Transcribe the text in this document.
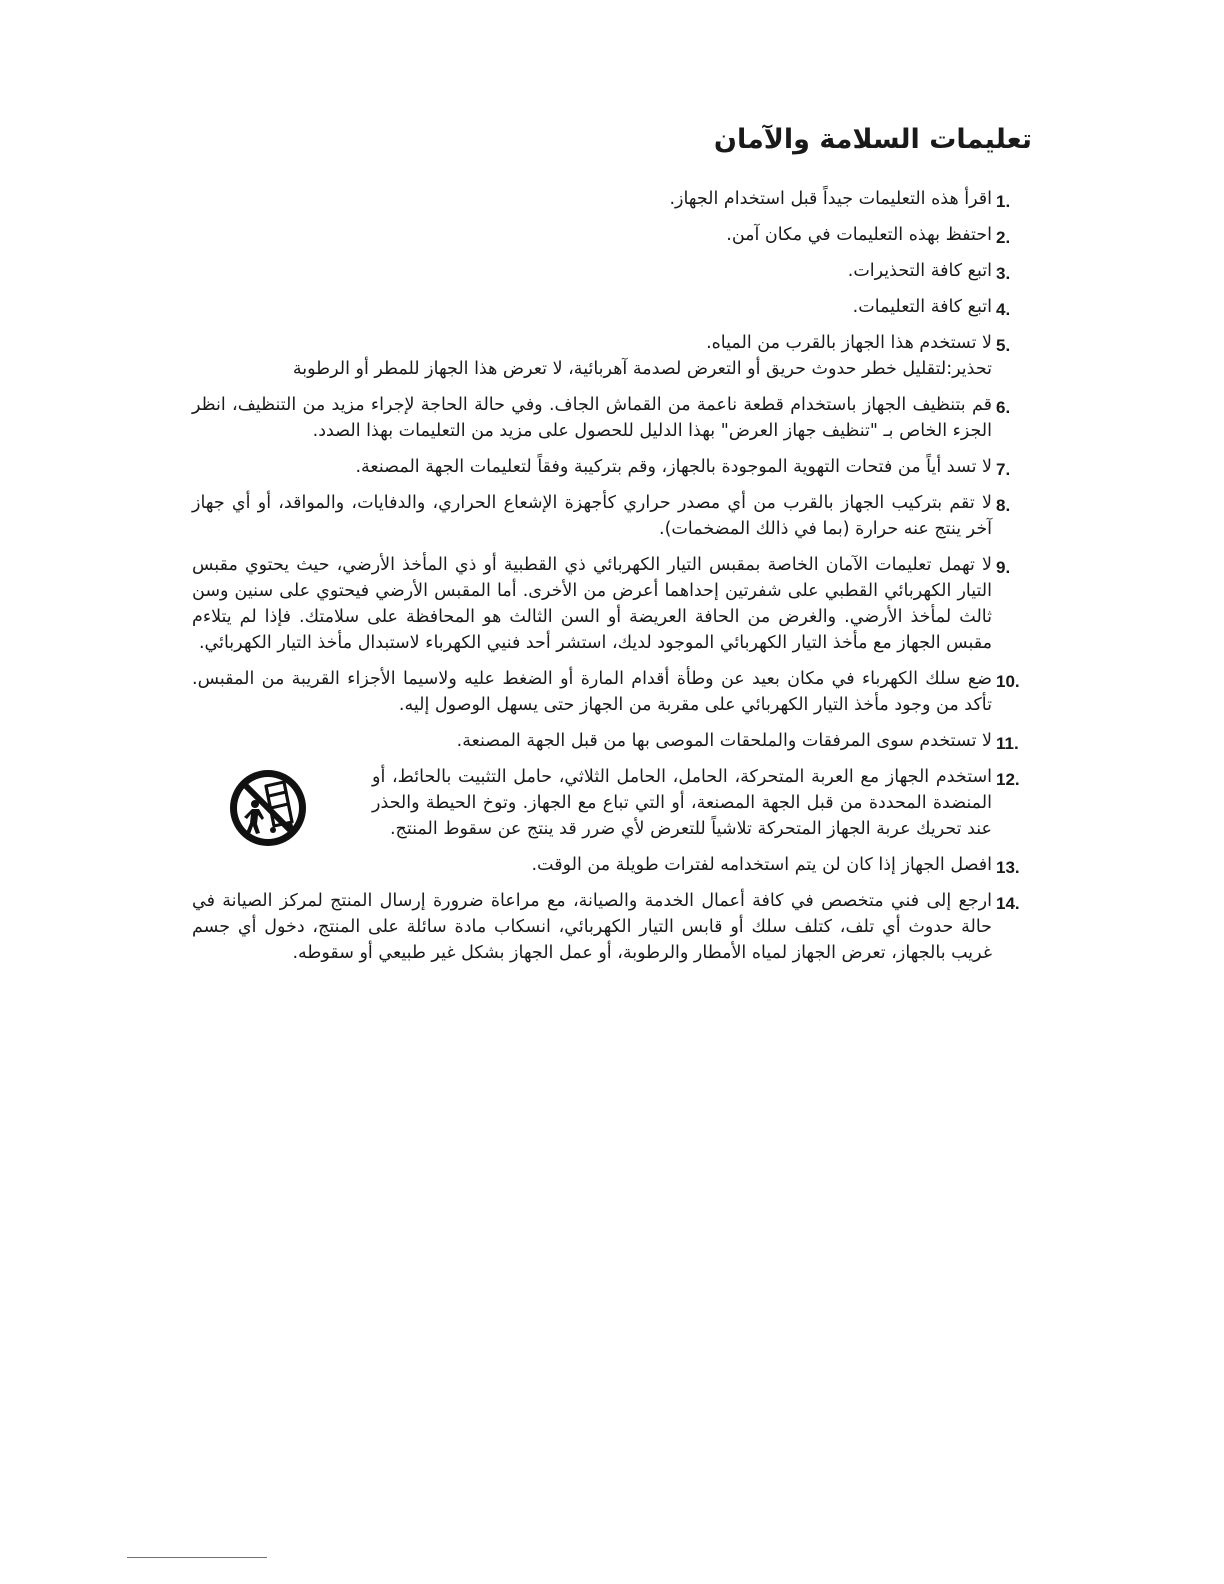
تعليمات السلامة والآمان
1.
اقرأ هذه التعليمات جيداً قبل استخدام الجهاز.
2.
احتفظ بهذه التعليمات في مكان آمن.
3.
اتبع كافة التحذيرات.
4.
اتبع كافة التعليمات.
5.
لا تستخدم هذا الجهاز بالقرب من المياه.
تحذير:لتقليل خطر حدوث حريق أو التعرض لصدمة آهربائية، لا تعرض هذا الجهاز للمطر أو الرطوبة
6.
قم بتنظيف الجهاز باستخدام قطعة ناعمة من القماش الجاف. وفي حالة الحاجة لإجراء مزيد من التنظيف، انظر الجزء الخاص بـ "تنظيف جهاز العرض" بهذا الدليل للحصول على مزيد من التعليمات بهذا الصدد.
7.
لا تسد أياً من فتحات التهوية الموجودة بالجهاز، وقم بتركيبة وفقاً لتعليمات الجهة المصنعة.
8.
لا تقم بتركيب الجهاز بالقرب من أي مصدر حراري كأجهزة الإشعاع الحراري، والدفايات، والمواقد، أو أي جهاز آخر ينتج عنه حرارة (بما في ذالك المضخمات).
9.
لا تهمل تعليمات الآمان الخاصة بمقبس التيار الكهربائي ذي القطبية أو ذي المأخذ الأرضي، حيث يحتوي مقبس التيار الكهربائي القطبي على شفرتين إحداهما أعرض من الأخرى. أما المقبس الأرضي فيحتوي على سنين وسن ثالث لمأخذ الأرضي. والغرض من الحافة العريضة أو السن الثالث هو المحافظة على سلامتك. فإذا لم يتلاءم مقبس الجهاز مع مأخذ التيار الكهربائي الموجود لديك، استشر أحد فنيي الكهرباء لاستبدال مأخذ التيار الكهربائي.
10.
ضع سلك الكهرباء في مكان بعيد عن وطأة أقدام المارة أو الضغط عليه ولاسيما الأجزاء القريبة من المقبس. تأكد من وجود مأخذ التيار الكهربائي على مقربة من الجهاز حتى يسهل الوصول إليه.
11.
لا تستخدم سوى المرفقات والملحقات الموصى بها من قبل الجهة المصنعة.
12.
استخدم الجهاز مع العربة المتحركة، الحامل، الحامل الثلاثي، حامل التثبيت بالحائط، أو المنضدة المحددة من قبل الجهة المصنعة، أو التي تباع مع الجهاز. وتوخ الحيطة والحذر عند تحريك عربة الجهاز المتحركة تلاشياً للتعرض لأي ضرر قد ينتج عن سقوط المنتج.
13.
افصل الجهاز إذا كان لن يتم استخدامه لفترات طويلة من الوقت.
14.
ارجع إلى فني متخصص في كافة أعمال الخدمة والصيانة، مع مراعاة ضرورة إرسال المنتج لمركز الصيانة في حالة حدوث أي تلف، كتلف سلك أو قابس التيار الكهربائي، انسكاب مادة سائلة على المنتج، دخول أي جسم غريب بالجهاز، تعرض الجهاز لمياه الأمطار والرطوبة، أو عمل الجهاز بشكل غير طبيعي أو سقوطه.
